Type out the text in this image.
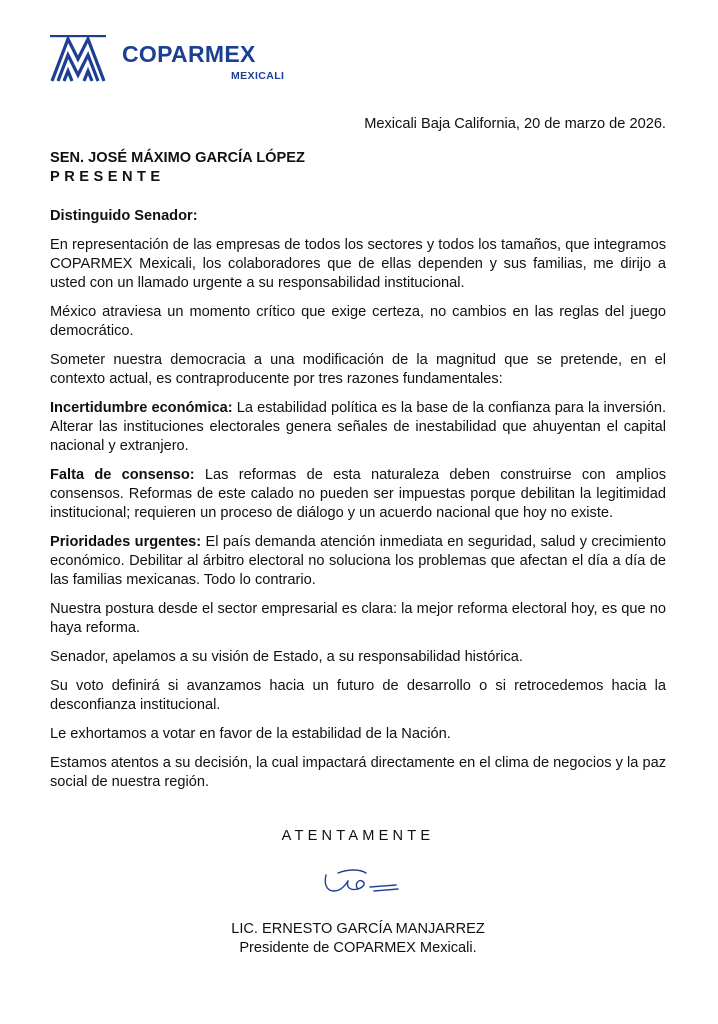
COPARMEX
MEXICALI

Mexicali Baja California, 20 de marzo de 2026.

SEN. JOSÉ MÁXIMO GARCÍA LÓPEZ

PRESENTE

Distinguido Senador:

En representación de las empresas de todos los sectores y todos los tamaños, que integramos COPARMEX Mexicali, los colaboradores que de ellas dependen y sus familias, me dirijo a usted con un llamado urgente a su responsabilidad institucional.

México atraviesa un momento crítico que exige certeza, no cambios en las reglas del juego democrático.

Someter nuestra democracia a una modificación de la magnitud que se pretende, en el contexto actual, es contraproducente por tres razones fundamentales:

Incertidumbre económica: La estabilidad política es la base de la confianza para la inversión. Alterar las instituciones electorales genera señales de inestabilidad que ahuyentan el capital nacional y extranjero.

Falta de consenso: Las reformas de esta naturaleza deben construirse con amplios consensos. Reformas de este calado no pueden ser impuestas porque debilitan la legitimidad institucional; requieren un proceso de diálogo y un acuerdo nacional que hoy no existe.

Prioridades urgentes: El país demanda atención inmediata en seguridad, salud y crecimiento económico. Debilitar al árbitro electoral no soluciona los problemas que afectan el día a día de las familias mexicanas. Todo lo contrario.

Nuestra postura desde el sector empresarial es clara: la mejor reforma electoral hoy, es que no haya reforma.

Senador, apelamos a su visión de Estado, a su responsabilidad histórica.

Su voto definirá si avanzamos hacia un futuro de desarrollo o si retrocedemos hacia la desconfianza institucional.

Le exhortamos a votar en favor de la estabilidad de la Nación.

Estamos atentos a su decisión, la cual impactará directamente en el clima de negocios y la paz social de nuestra región.

ATENTAMENTE

LIC. ERNESTO GARCÍA MANJARREZ
Presidente de COPARMEX Mexicali.
